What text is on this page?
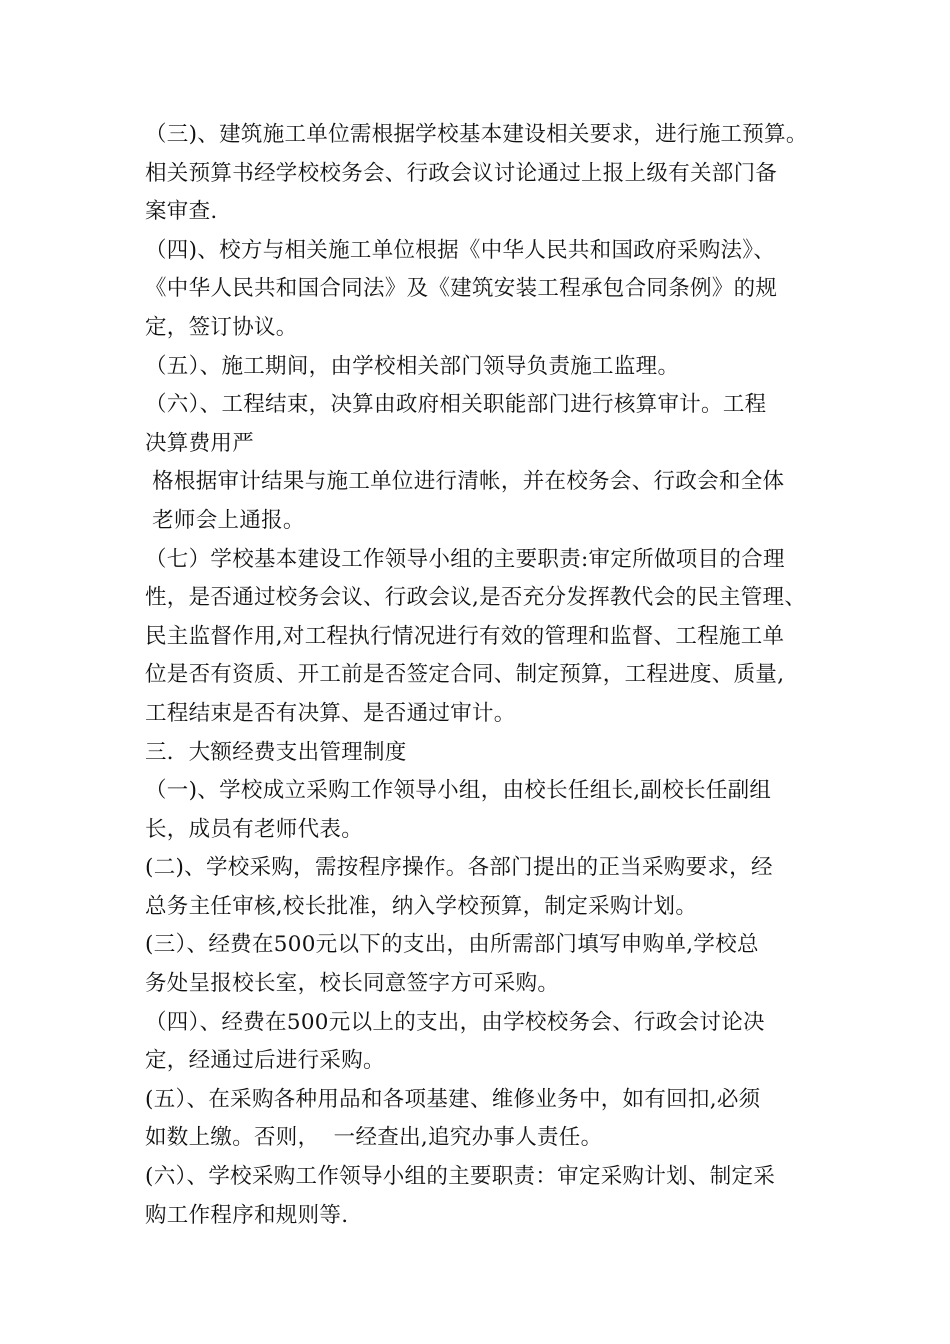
（三)、建筑施工单位需根据学校基本建设相关要求，进行施工预算。
相关预算书经学校校务会、行政会议讨论通过上报上级有关部门备
案审查.
（四)、校方与相关施工单位根据《中华人民共和国政府采购法》、
《中华人民共和国合同法》及《建筑安装工程承包合同条例》的规
定，签订协议。
（五）、施工期间，由学校相关部门领导负责施工监理。
（六）、工程结束，决算由政府相关职能部门进行核算审计。工程
决算费用严
格根据审计结果与施工单位进行清帐，并在校务会、行政会和全体
老师会上通报。
（七）学校基本建设工作领导小组的主要职责:审定所做项目的合理
性，是否通过校务会议、行政会议,是否充分发挥教代会的民主管理、
民主监督作用,对工程执行情况进行有效的管理和监督、工程施工单
位是否有资质、开工前是否签定合同、制定预算，工程进度、质量,
工程结束是否有决算、是否通过审计。
三．大额经费支出管理制度
（一)、学校成立采购工作领导小组，由校长任组长,副校长任副组
长，成员有老师代表。
(二)、学校采购，需按程序操作。各部门提出的正当采购要求，经
总务主任审核,校长批准，纳入学校预算，制定采购计划。
(三）、经费在500元以下的支出，由所需部门填写申购单,学校总
务处呈报校长室，校长同意签字方可采购。
（四）、经费在500元以上的支出，由学校校务会、行政会讨论决
定，经通过后进行采购。
(五）、在采购各种用品和各项基建、维修业务中，如有回扣,必须
如数上缴。否则，  一经查出,追究办事人责任。
(六）、学校采购工作领导小组的主要职责：审定采购计划、制定采
购工作程序和规则等.
